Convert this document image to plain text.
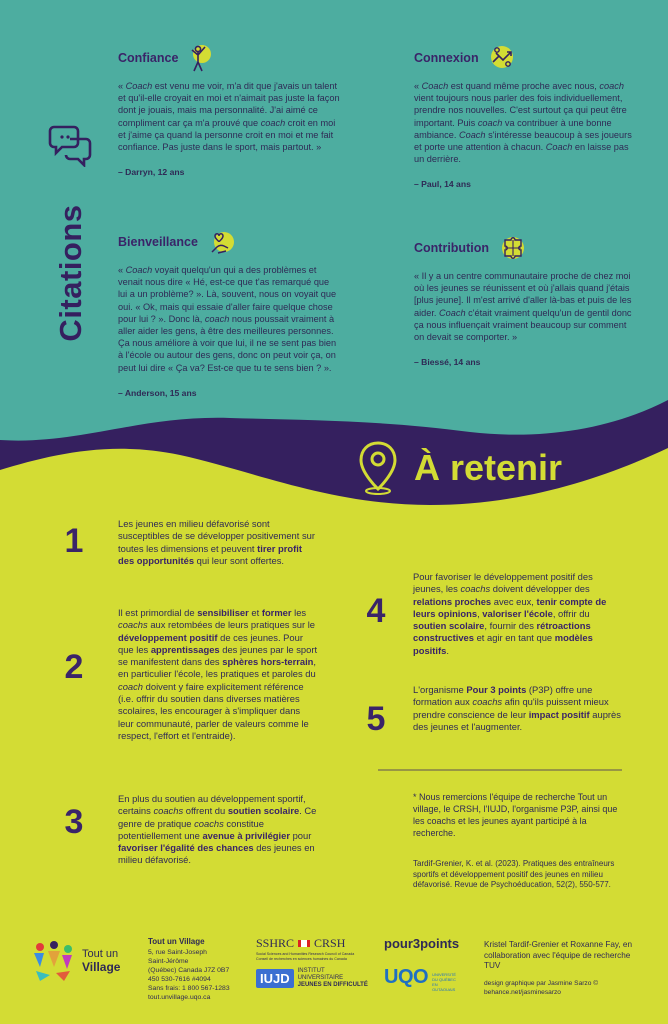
Citations
Confiance
« Coach est venu me voir, m'a dit que j'avais un talent et qu'il-elle croyait en moi et n'aimait pas juste la façon dont je jouais, mais ma personnalité. J'ai aimé ce compliment car ça m'a prouvé que coach croit en moi et j'aime ça quand la personne croit en moi et me fait confiance. Pas juste dans le sport, mais partout. »
– Darryn, 12 ans
Connexion
« Coach est quand même proche avec nous, coach vient toujours nous parler des fois individuellement, prendre nos nouvelles. C'est surtout ça qui peut être important. Puis coach va contribuer à une bonne ambiance. Coach s'intéresse beaucoup à ses joueurs et porte une attention à chacun. Coach en laisse pas un derrière.
– Paul, 14 ans
Bienveillance
« Coach voyait quelqu'un qui a des problèmes et venait nous dire « Hé, est-ce que t'as remarqué que lui a un problème? ». Là, souvent, nous on voyait que oui. « Ok, mais qui essaie d'aller faire quelque chose pour lui ? ». Donc là, coach nous poussait vraiment à aller aider les gens, à être des meilleures personnes. Ça nous améliore à voir que lui, il ne se sent pas bien à l'école ou autour des gens, donc on peut voir ça, on peut lui dire « Ça va? Est-ce que tu te sens bien ? ».
– Anderson, 15 ans
Contribution
« Il y a un centre communautaire proche de chez moi où les jeunes se réunissent et où j'allais quand j'étais [plus jeune]. Il m'est arrivé d'aller là-bas et puis de les aider. Coach c'était vraiment quelqu'un de gentil donc ça nous influençait vraiment beaucoup sur comment on devait se comporter. »
– Biessé, 14 ans
À retenir
1	Les jeunes en milieu défavorisé sont susceptibles de se développer positivement sur toutes les dimensions et peuvent tirer profit des opportunités qui leur sont offertes.
2
Il est primordial de sensibiliser et former les coachs aux retombées de leurs pratiques sur le développement positif de ces jeunes. Pour que les apprentissages des jeunes par le sport se manifestent dans des sphères hors-terrain, en particulier l'école, les pratiques et paroles du coach doivent y faire explicitement référence (i.e. offrir du soutien dans diverses matières scolaires, les encourager à s'impliquer dans leur communauté, parler de valeurs comme le respect, l'effort et l'entraide).
3
En plus du soutien au développement sportif, certains coachs offrent du soutien scolaire. Ce genre de pratique coachs constitue potentiellement une avenue à privilégier pour favoriser l'égalité des chances des jeunes en milieu défavorisé.
4
Pour favoriser le développement positif des jeunes, les coachs doivent développer des relations proches avec eux, tenir compte de leurs opinions, valoriser l'école, offrir du soutien scolaire, fournir des rétroactions constructives et agir en tant que modèles positifs.
5
L'organisme Pour 3 points (P3P) offre une formation aux coachs afin qu'ils puissent mieux prendre conscience de leur impact positif auprès des jeunes et l'augmenter.
* Nous remercions l'équipe de recherche Tout un village, le CRSH, l'IUJD, l'organisme P3P, ainsi que les coachs et les jeunes ayant participé à la recherche.
Tardif-Grenier, K. et al. (2023). Pratiques des entraîneurs sportifs et développement positif des jeunes en milieu défavorisé. Revue de Psychoéducation, 52(2), 550-577.
Tout un
Village
Tout un Village
5, rue Saint-Joseph
Saint-Jérôme
(Québec) Canada J7Z 0B7
450 530-7616 #4094
Sans frais: 1 800 567-1283
tout.unvillage.uqo.ca
SSHRC CRSH
Social Sciences and Humanities Research Council of Canada
Conseil de recherches en sciences humaines du Canada
IUJD	INSTITUT
UNIVERSITAIRE
JEUNES EN DIFFICULTÉ
pour3points
UQO UNIVERSITÉ DU QUÉBEC EN OUTAOUAIS
Kristel Tardif-Grenier et Roxanne Fay, en collaboration avec l'équipe de recherche TUV
design graphique par Jasmine Sarzo © behance.net/jasminesarzo
